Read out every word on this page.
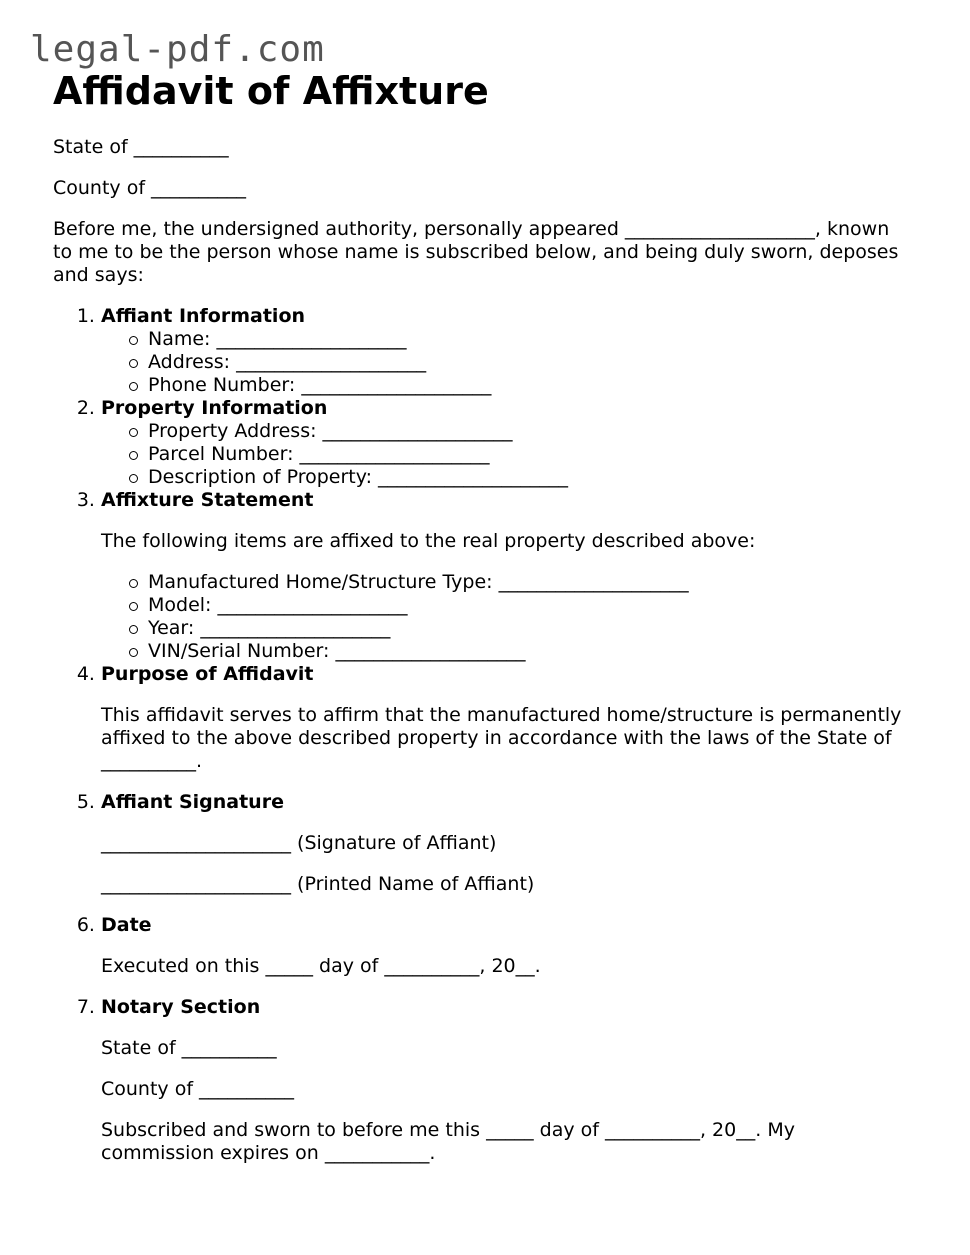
legal-pdf.com
Affidavit of Affixture

State of __________

County of __________

Before me, the undersigned authority, personally appeared ____________________, known to me to be the person whose name is subscribed below, and being duly sworn, deposes and says:

1. Affiant Information
Name: ____________________
Address: ____________________
Phone Number: ____________________
2. Property Information
Property Address: ____________________
Parcel Number: ____________________
Description of Property: ____________________
3. Affixture Statement

The following items are affixed to the real property described above:

Manufactured Home/Structure Type: ____________________
Model: ____________________
Year: ____________________
VIN/Serial Number: ____________________
4. Purpose of Affidavit

This affidavit serves to affirm that the manufactured home/structure is permanently affixed to the above described property in accordance with the laws of the State of __________.

5. Affiant Signature

____________________ (Signature of Affiant)

____________________ (Printed Name of Affiant)

6. Date

Executed on this _____ day of __________, 20__.

7. Notary Section

State of __________

County of __________

Subscribed and sworn to before me this _____ day of __________, 20__. My commission expires on ___________.
